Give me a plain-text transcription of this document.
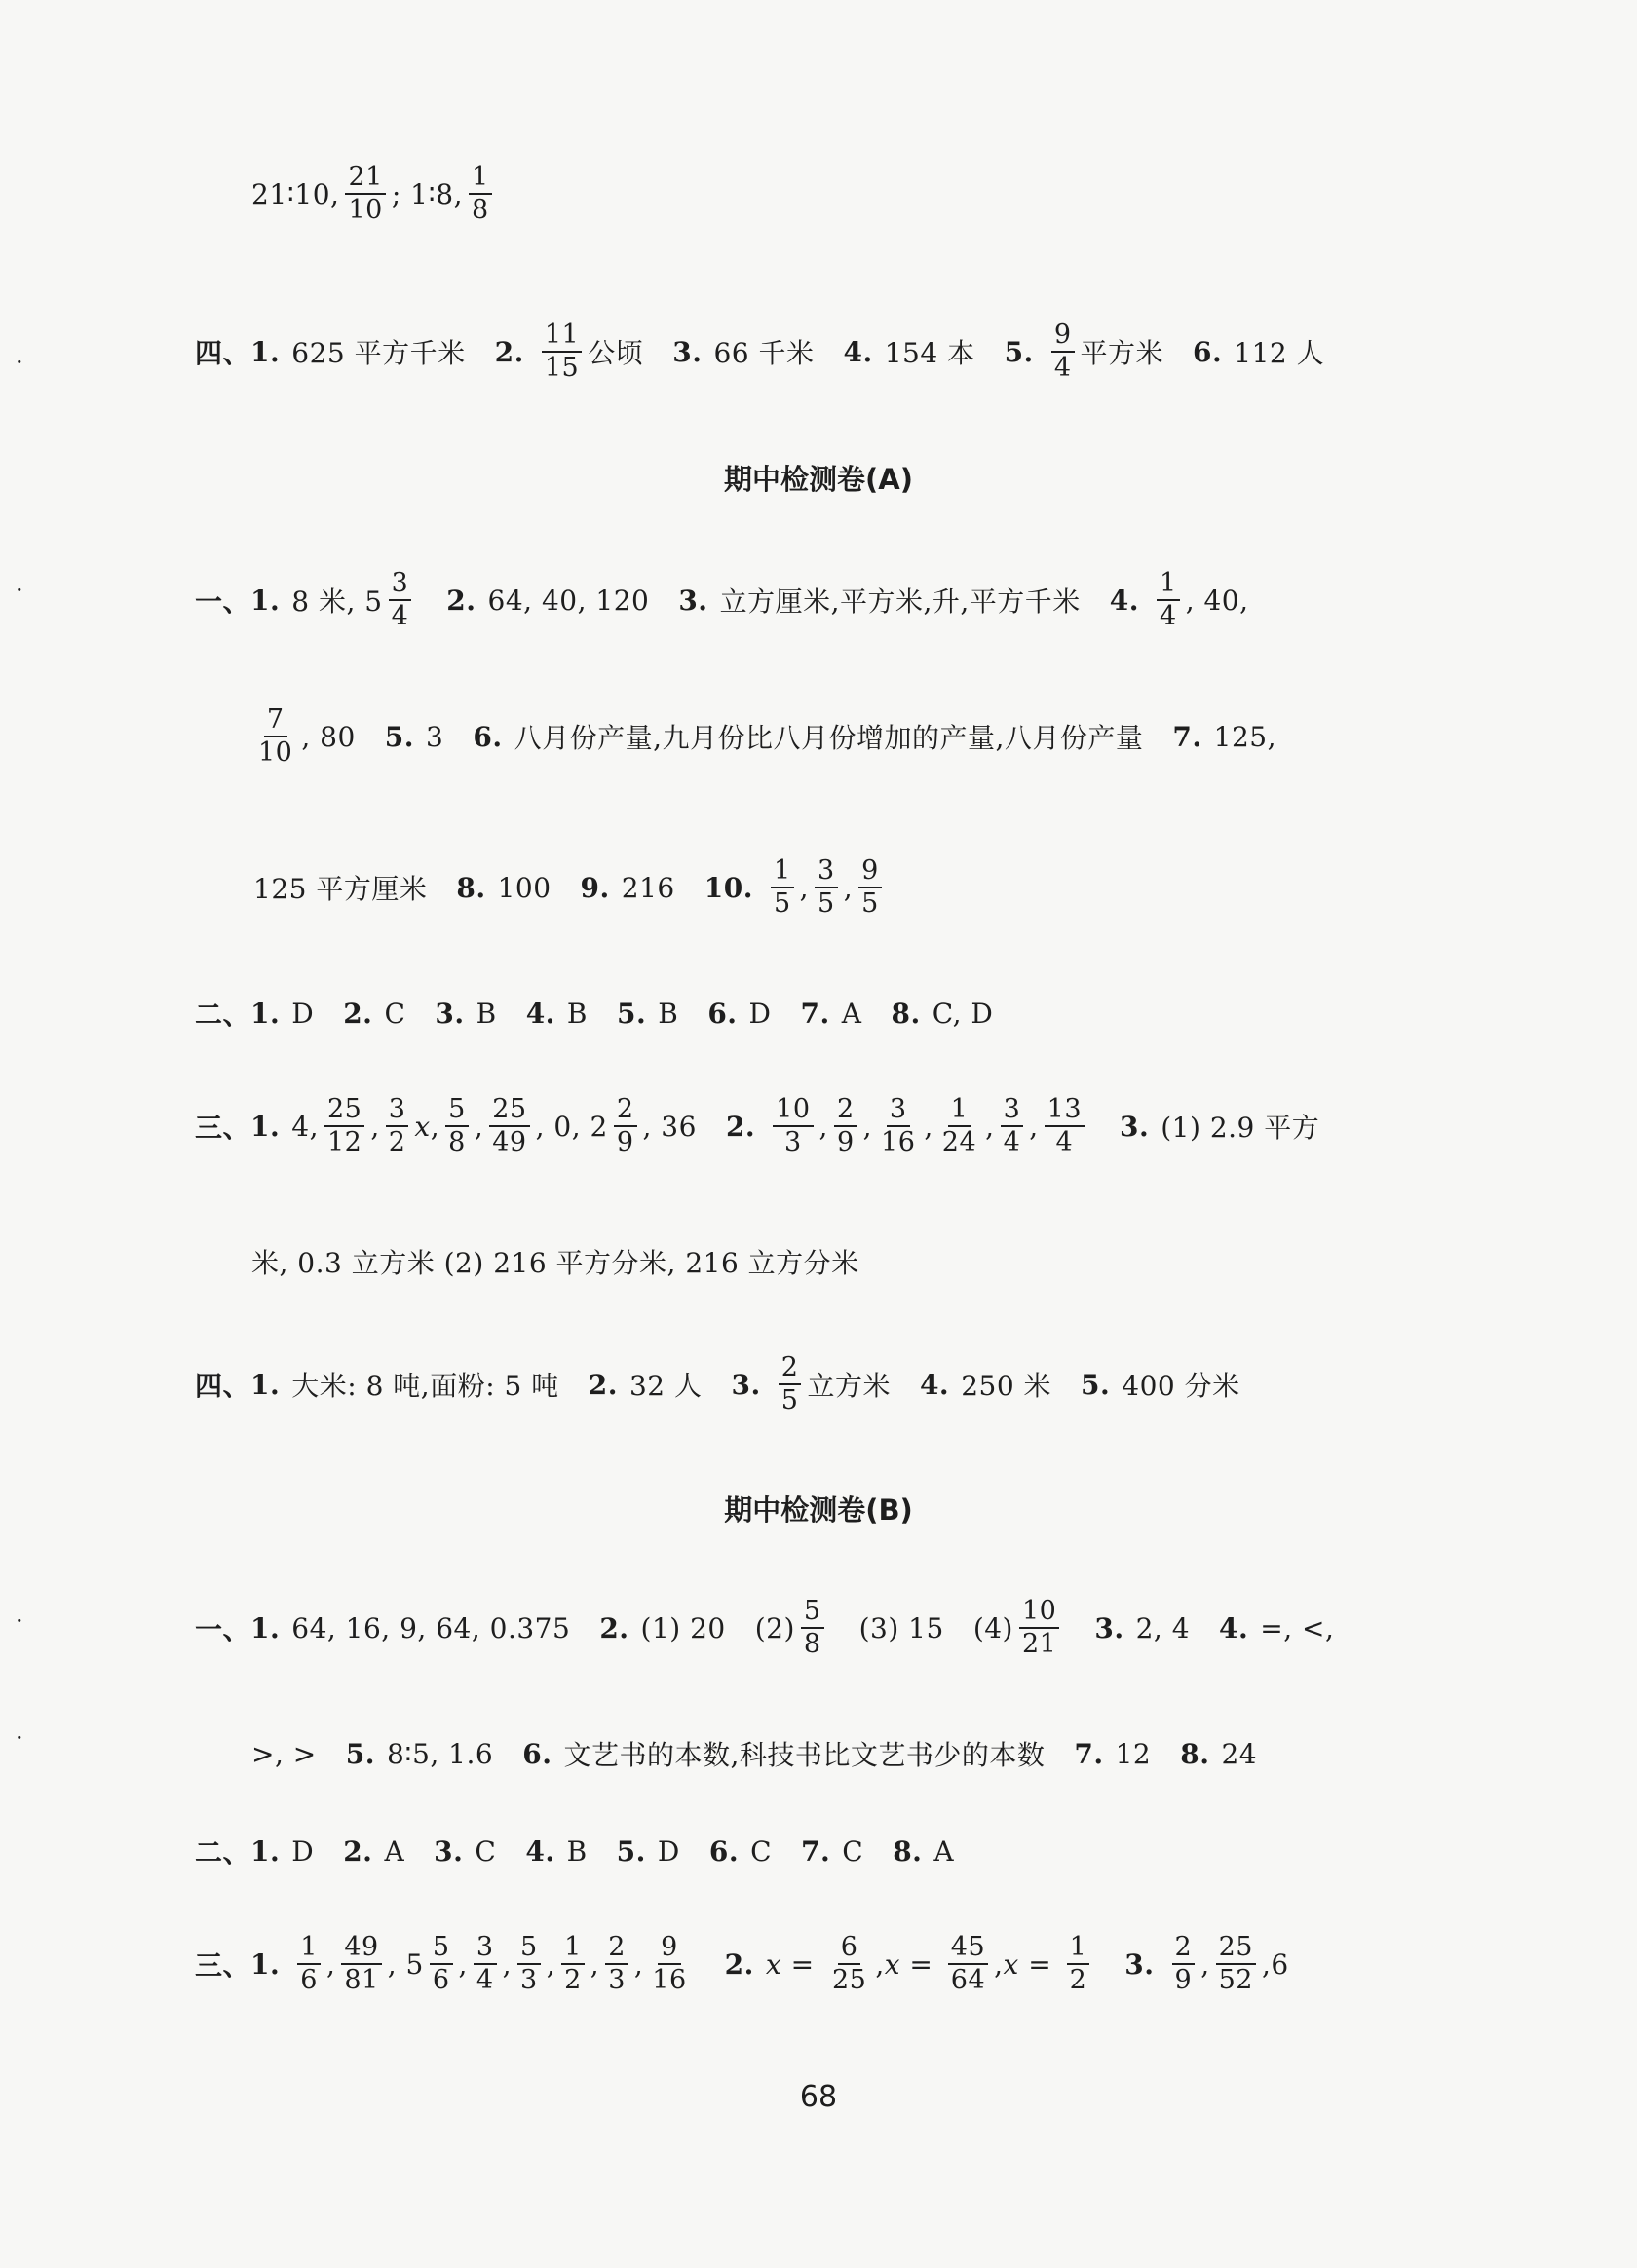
·
·
·
·
21∶10, $\frac{21}{10}$ ; 1∶8, $\frac{1}{8}$
四、 1. 625 平方千米 2. $\frac{11}{15}$ 公顷 3. 66 千米 4. 154 本 5. $\frac{9}{4}$ 平方米 6. 112 人
期中检测卷(A)
一、 1. 8 米, $5 \frac{3}{4} 2$. 64, 40, 120 3. 立方厘米,平方米,升,平方千米 4. $\frac{1}{4}$ , 40,
$\frac{7}{10}$ , 80 5. 3 6. 八月份产量,九月份比八月份增加的产量,八月份产量 7. 125,
125 平方厘米 8. 100 9. 216 10. $\frac{1}{5}$ , $\frac{3}{5}$ , $\frac{9}{5}$
二、 1. D 2. C 3. B 4. B 5. B 6. D 7. A 8. C, D
三、 1. 4, $\frac{25}{12}$ , $\frac{3}{2}$ x , $\frac{5}{8}$ , $\frac{25}{49}$ , 0, $2 \frac{2}{9}$ , 36 2. $\frac{10}{3}$ , $\frac{2}{9}$ , $\frac{3}{16}$ , $\frac{1}{24}$ , $\frac{3}{4}$ , $\frac{13}{4} 3$. (1) 2.9 平方
米, 0.3 立方米 (2) 216 平方分米, 216 立方分米
四、 1. 大米: 8 吨,面粉: 5 吨 2. 32 人 3. $\frac{2}{5}$ 立方米 4. 250 米 5. 400 分米
期中检测卷(B)
一、 1. 64, 16, 9, 64, 0.375 2. (1) 20 $(2) \frac{5}{8} (3)$ 15 $(4) \frac{10}{21} 3$. 2, 4 4. =, <,
>, > 5. 8∶5, 1.6 6. 文艺书的本数,科技书比文艺书少的本数 7. 12 8. 24
二、 1. D 2. A 3. C 4. B 5. D 6. C 7. C 8. A
三、 1. $\frac{1}{6}$ , $\frac{49}{81}$ , $5 \frac{5}{6}$ , $\frac{3}{4}$ , $\frac{5}{3}$ , $\frac{1}{2}$ , $\frac{2}{3}$ , $\frac{9}{16} 2$. $x = \frac{6}{25}$ , $x = \frac{45}{64}$ , $x = \frac{1}{2} 3$. $\frac{2}{9}$ , $\frac{25}{52} ,6$
68
